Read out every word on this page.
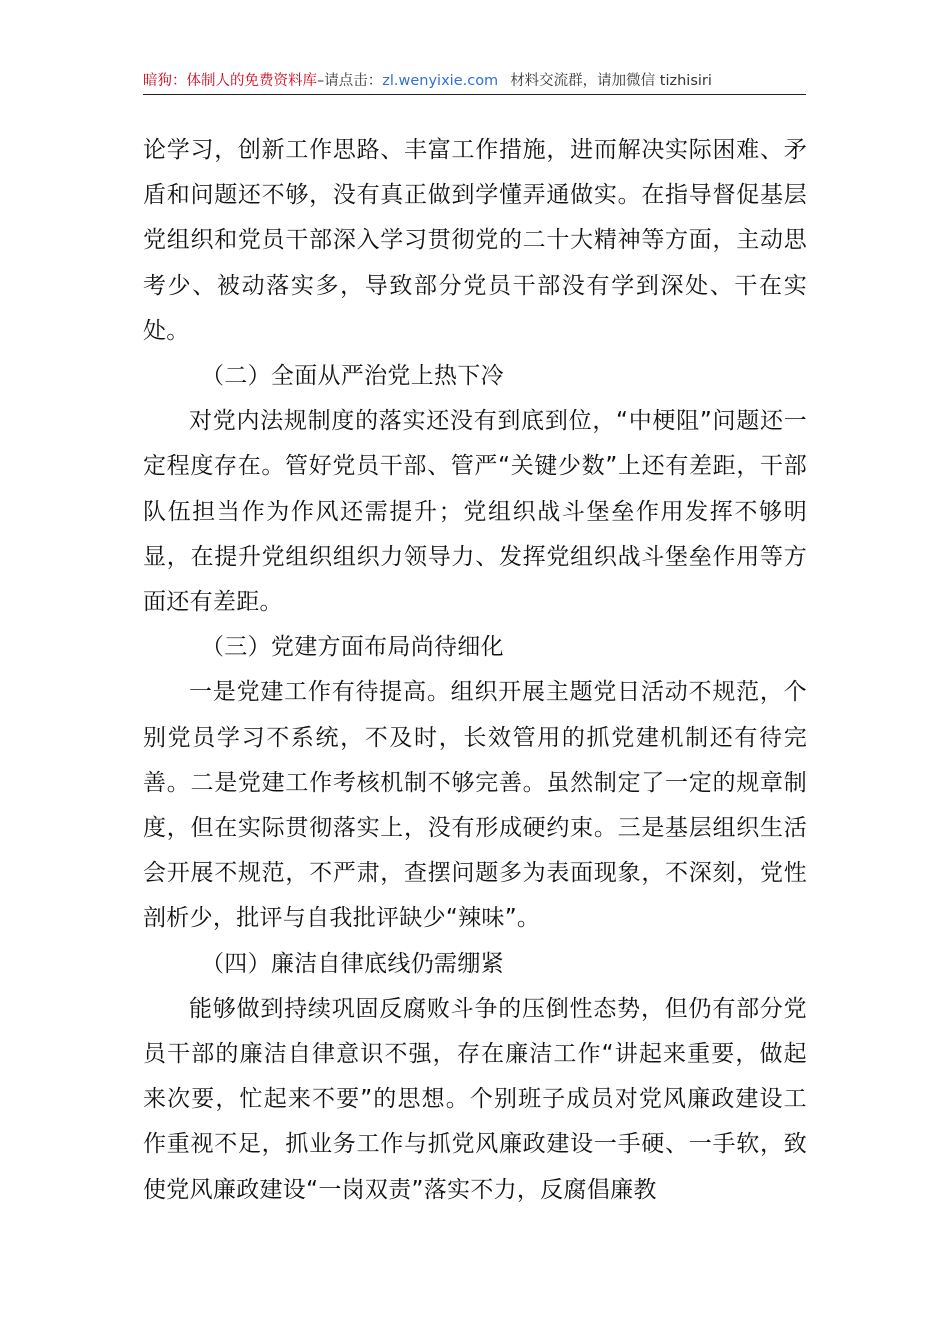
暗狗：体制人的免费资料库–请点击：zl.wenyixie.com 材料交流群，请加微信 tizhisiri

论学习，创新工作思路、丰富工作措施，进而解决实际困难、矛盾和问题还不够，没有真正做到学懂弄通做实。在指导督促基层党组织和党员干部深入学习贯彻党的二十大精神等方面，主动思考少、被动落实多，导致部分党员干部没有学到深处、干在实处。

（二）全面从严治党上热下冷

对党内法规制度的落实还没有到底到位，“中梗阻”问题还一定程度存在。管好党员干部、管严“关键少数”上还有差距，干部队伍担当作为作风还需提升；党组织战斗堡垒作用发挥不够明显，在提升党组织组织力领导力、发挥党组织战斗堡垒作用等方面还有差距。

（三）党建方面布局尚待细化

一是党建工作有待提高。组织开展主题党日活动不规范，个别党员学习不系统，不及时，长效管用的抓党建机制还有待完善。二是党建工作考核机制不够完善。虽然制定了一定的规章制度，但在实际贯彻落实上，没有形成硬约束。三是基层组织生活会开展不规范，不严肃，查摆问题多为表面现象，不深刻，党性剖析少，批评与自我批评缺少“辣味”。

（四）廉洁自律底线仍需绷紧

能够做到持续巩固反腐败斗争的压倒性态势，但仍有部分党员干部的廉洁自律意识不强，存在廉洁工作“讲起来重要，做起来次要，忙起来不要”的思想。个别班子成员对党风廉政建设工作重视不足，抓业务工作与抓党风廉政建设一手硬、一手软，致使党风廉政建设“一岗双责”落实不力，反腐倡廉教
